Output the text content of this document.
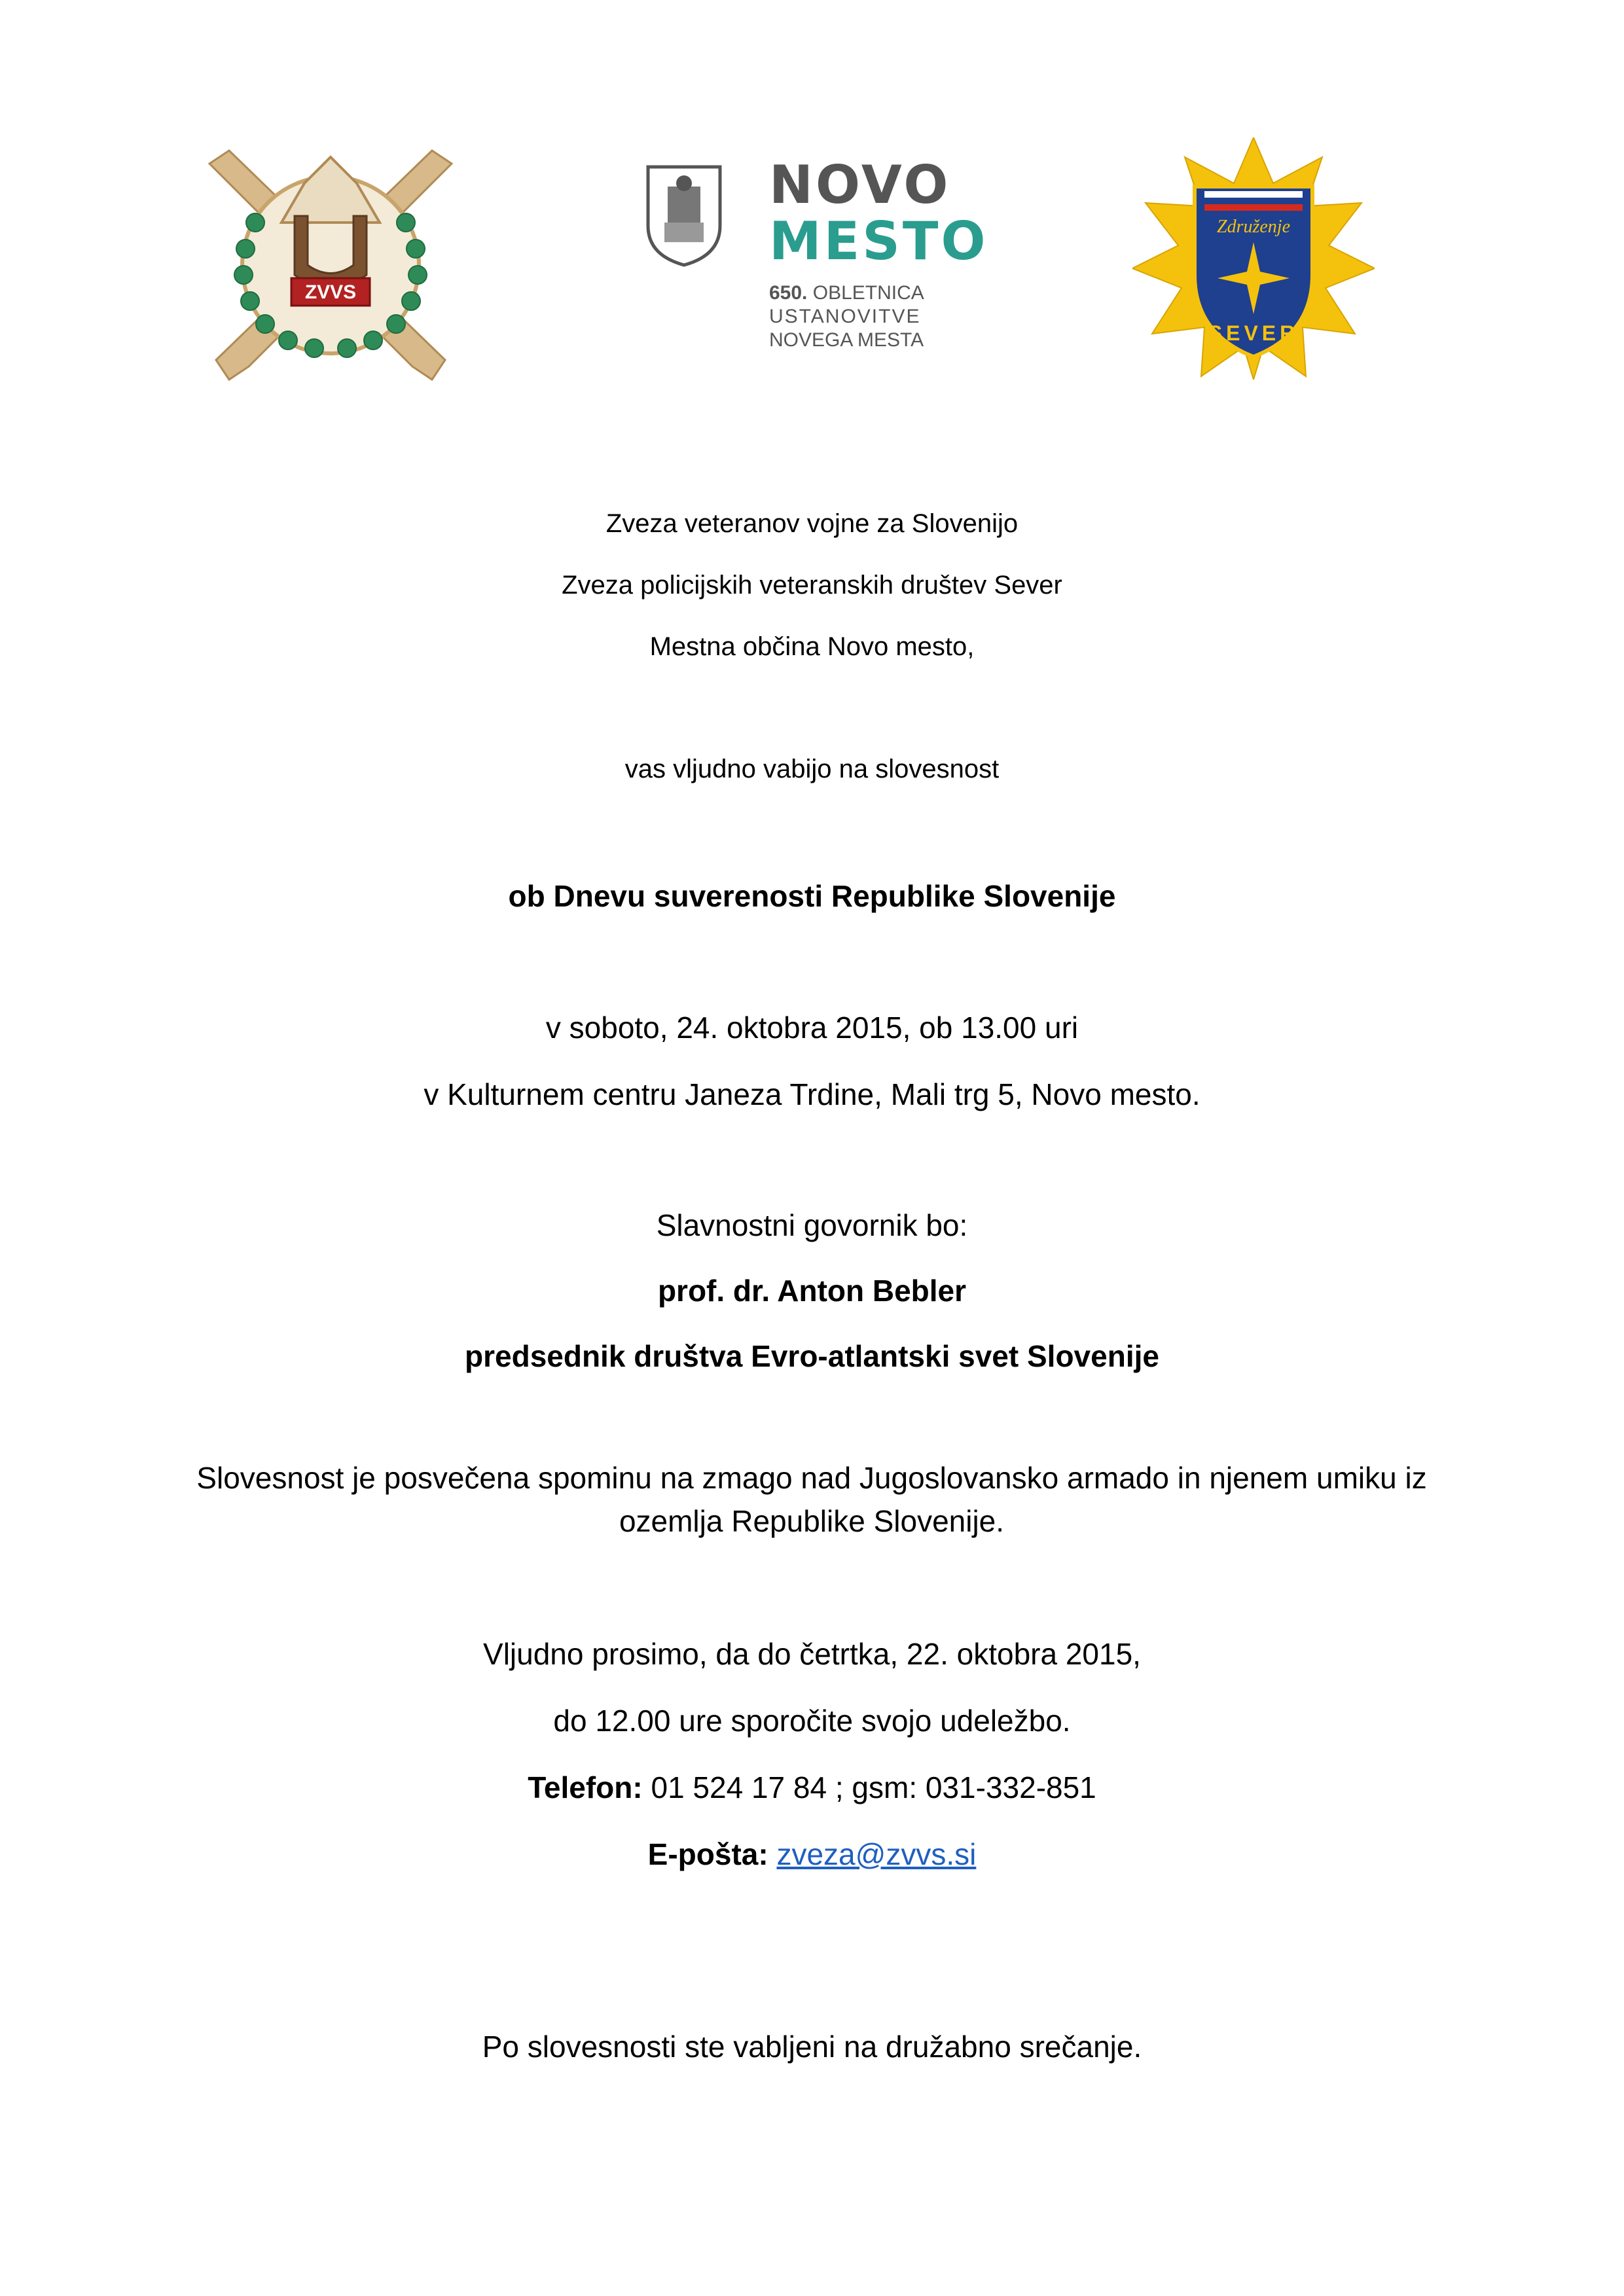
ZVVS
NOVO
MESTO
650. OBLETNICA
USTANOVITVE
NOVEGA MESTA
Združenje
SEVER
Zveza veteranov vojne za Slovenijo
Zveza policijskih veteranskih društev Sever
Mestna občina Novo mesto,
vas vljudno vabijo na slovesnost
ob Dnevu suverenosti Republike Slovenije
v soboto, 24. oktobra 2015, ob 13.00 uri
v Kulturnem centru Janeza Trdine, Mali trg 5, Novo mesto.
Slavnostni govornik bo:
prof. dr. Anton Bebler
predsednik društva Evro-atlantski svet Slovenije
Slovesnost je posvečena spominu na zmago nad Jugoslovansko armado in njenem umiku iz ozemlja Republike Slovenije.
Vljudno prosimo, da do četrtka, 22. oktobra 2015,
do 12.00 ure sporočite svojo udeležbo.
Telefon: 01 524 17 84 ; gsm: 031-332-851
E-pošta: zveza@zvvs.si
Po slovesnosti ste vabljeni na družabno srečanje.
